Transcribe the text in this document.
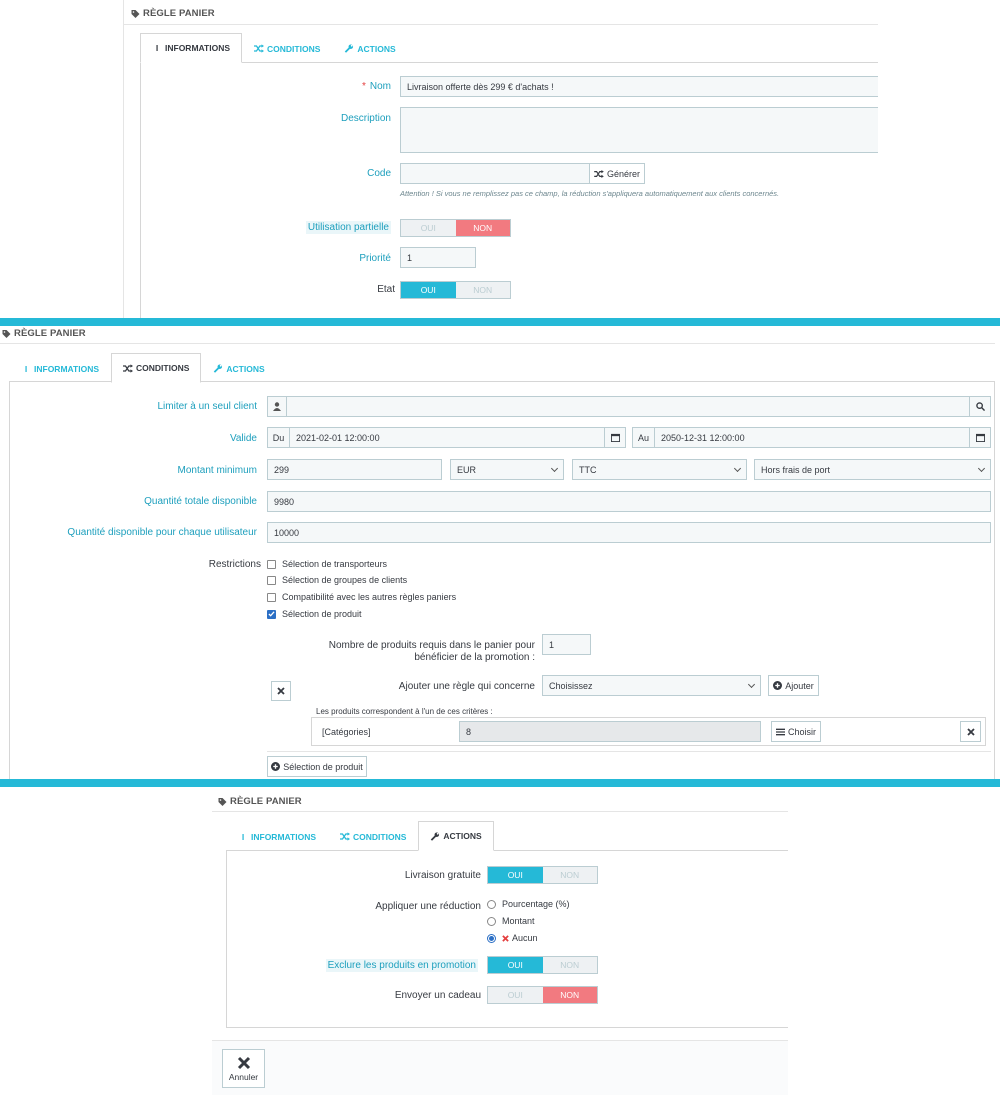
RÈGLE PANIER
I INFORMATIONS	CONDITIONS	ACTIONS
* Nom Livraison offerte dès 299 € d'achats !
Description
Code	Générer
Attention ! Si vous ne remplissez pas ce champ, la réduction s'appliquera automatiquement aux clients concernés.
Utilisation partielle	OUI	NON
Priorité 1
Etat	OUI	NON
RÈGLE PANIER
I INFORMATIONS	CONDITIONS	ACTIONS
Limiter à un seul client
Valide	Du	2021-02-01 12:00:00	Au	2050-12-31 12:00:00
Montant minimum 299	EUR	TTC	Hors frais de port
Quantité totale disponible 9980
Quantité disponible pour chaque utilisateur 10000
Restrictions Sélection de transporteurs
Sélection de groupes de clients
Compatibilité avec les autres règles paniers
Sélection de produit
Nombre de produits requis dans le panier pour
bénéficier de la promotion :
1
Ajouter une règle qui concerne Choisissez	Ajouter
Les produits correspondent à l'un de ces critères :
[Catégories]	8	Choisir
Sélection de produit
RÈGLE PANIER
I INFORMATIONS	CONDITIONS	ACTIONS
Livraison gratuite	OUI	NON
Appliquer une réduction Pourcentage (%)
Montant
Aucun
Exclure les produits en promotion	OUI	NON
Envoyer un cadeau	OUI	NON
Annuler
